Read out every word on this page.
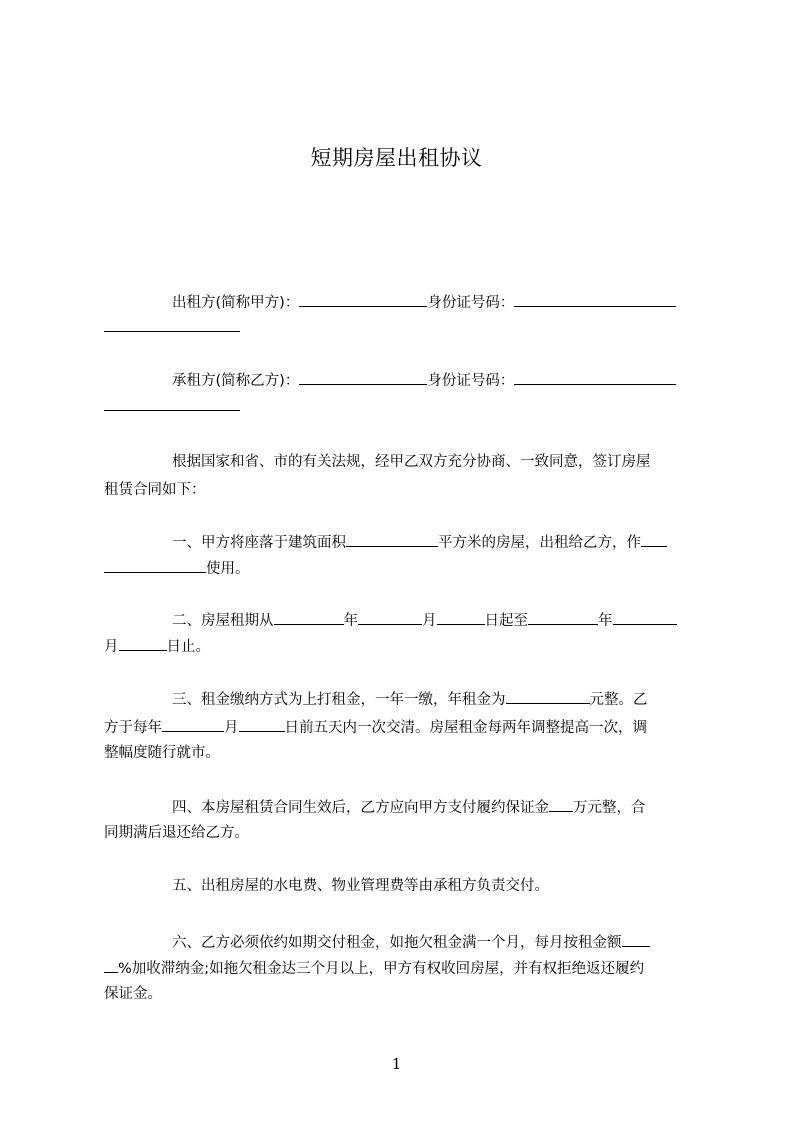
短期房屋出租协议
出租方(简称甲方)：	身份证号码：
承租方(简称乙方)：	身份证号码：
根据国家和省、市的有关法规，经甲乙双方充分协商、一致同意，签订房屋
租赁合同如下：
一、甲方将座落于建筑面积	平方米的房屋，出租给乙方，作
使用。
二、房屋租期从	年	月	日起至	年
月	日止。
三、租金缴纳方式为上打租金，一年一缴，年租金为	元整。乙
方于每年	月	日前五天内一次交清。房屋租金每两年调整提高一次，调
整幅度随行就市。
四、本房屋租赁合同生效后，乙方应向甲方支付履约保证金 万元整，合
同期满后退还给乙方。
五、出租房屋的水电费、物业管理费等由承租方负责交付。
六、乙方必须依约如期交付租金，如拖欠租金满一个月，每月按租金额
%加收滞纳金;如拖欠租金达三个月以上，甲方有权收回房屋，并有权拒绝返还履约
保证金。
1
